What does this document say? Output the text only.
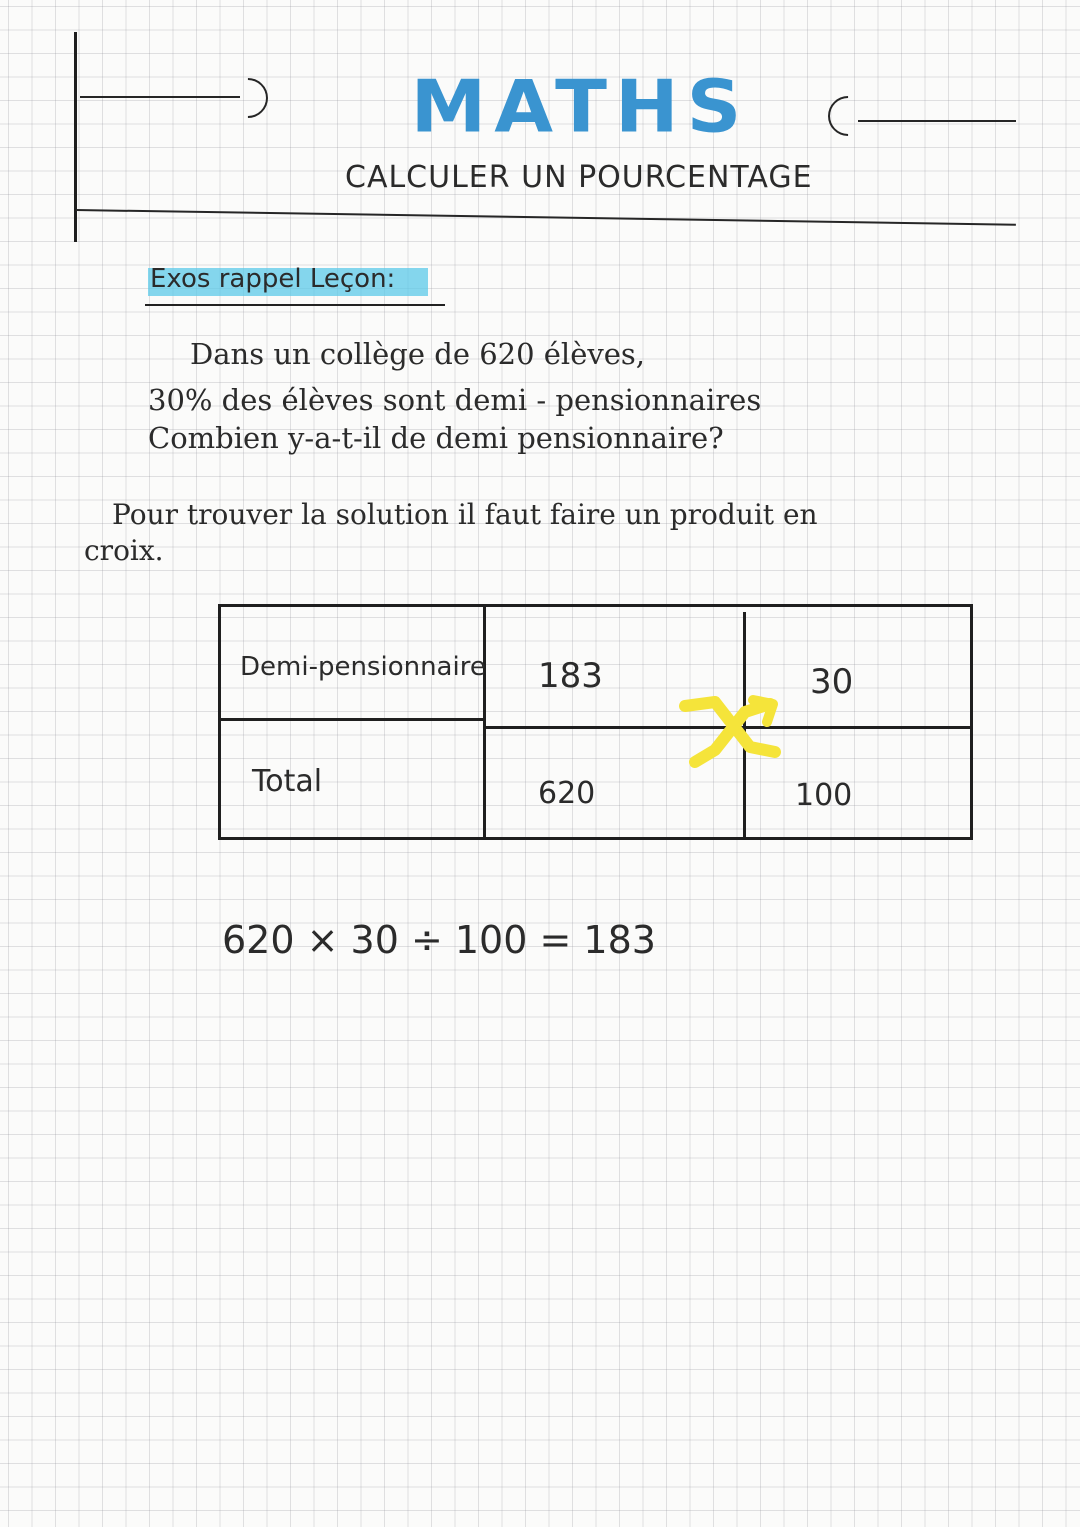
MATHS
CALCULER UN POURCENTAGE
Exos rappel Leçon:
Dans un collège de 620 élèves,
30% des élèves sont demi - pensionnaires
Combien y-a-t-il de demi pensionnaire?
Pour trouver la solution il faut faire un produit en
croix.
Demi-pensionnaire 183	30
Total	620	100
620 × 30 ÷ 100 = 183
